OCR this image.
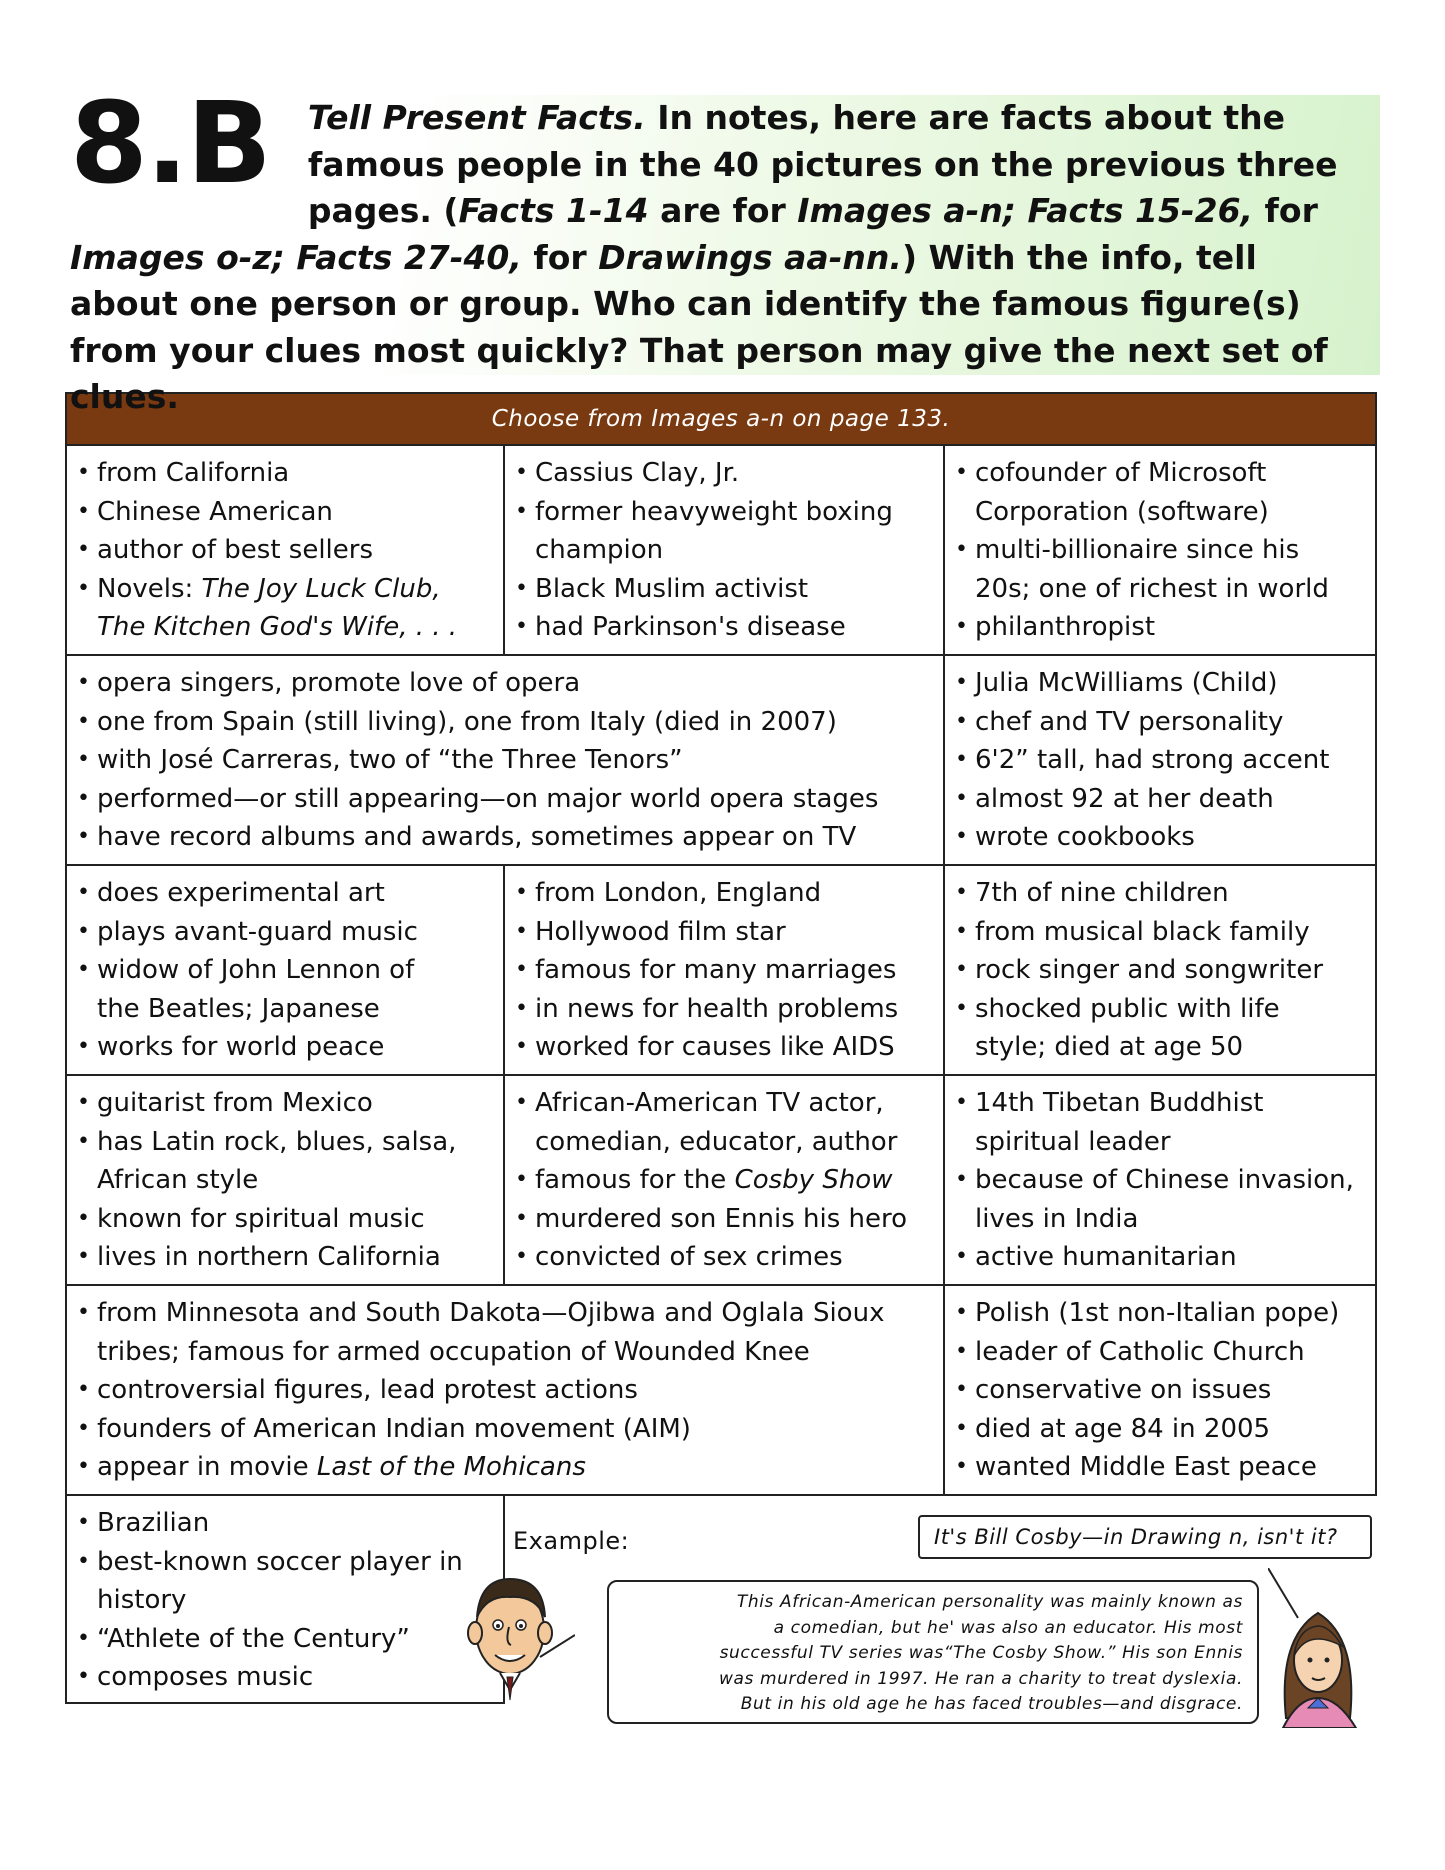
8.B Tell Present Facts. In notes, here are facts about the famous people in the 40 pictures on the previous three pages. (Facts 1-14 are for Images a-n; Facts 15-26, for Images o-z; Facts 27-40, for Drawings aa-nn.) With the info, tell about one person or group. Who can identify the famous figure(s) from your clues most quickly? That person may give the next set of clues.
Choose from Images a-n on page 133.
• from California
• Chinese American
• author of best sellers
• Novels: The Joy Luck Club,
The Kitchen God's Wife, . . .
• Cassius Clay, Jr.
• former heavyweight boxing
champion
• Black Muslim activist
• had Parkinson's disease
• cofounder of Microsoft
Corporation (software)
• multi-billionaire since his
20s; one of richest in world
• philanthropist
• opera singers, promote love of opera
• one from Spain (still living), one from Italy (died in 2007)
• with José Carreras, two of “the Three Tenors”
• performed—or still appearing—on major world opera stages
• have record albums and awards, sometimes appear on TV
• Julia McWilliams (Child)
• chef and TV personality
• 6'2” tall, had strong accent
• almost 92 at her death
• wrote cookbooks
• does experimental art
• plays avant-guard music
• widow of John Lennon of
the Beatles; Japanese
• works for world peace
• from London, England
• Hollywood film star
• famous for many marriages
• in news for health problems
• worked for causes like AIDS
• 7th of nine children
• from musical black family
• rock singer and songwriter
• shocked public with life
style; died at age 50
• guitarist from Mexico
• has Latin rock, blues, salsa,
African style
• known for spiritual music
• lives in northern California
• African-American TV actor,
comedian, educator, author
• famous for the Cosby Show
• murdered son Ennis his hero
• convicted of sex crimes
• 14th Tibetan Buddhist
spiritual leader
• because of Chinese invasion,
lives in India
• active humanitarian
• from Minnesota and South Dakota—Ojibwa and Oglala Sioux
tribes; famous for armed occupation of Wounded Knee
• controversial figures, lead protest actions
• founders of American Indian movement (AIM)
• appear in movie Last of the Mohicans
• Polish (1st non-Italian pope)
• leader of Catholic Church
• conservative on issues
• died at age 84 in 2005
• wanted Middle East peace
• Brazilian
• best-known soccer player in
history
• “Athlete of the Century”
• composes music
Example:	It's Bill Cosby—in Drawing n, isn't it?
This African-American personality was mainly known as
a comedian, but he' was also an educator. His most
successful TV series was“The Cosby Show.” His son Ennis
was murdered in 1997. He ran a charity to treat dyslexia.
But in his old age he has faced troubles—and disgrace.
